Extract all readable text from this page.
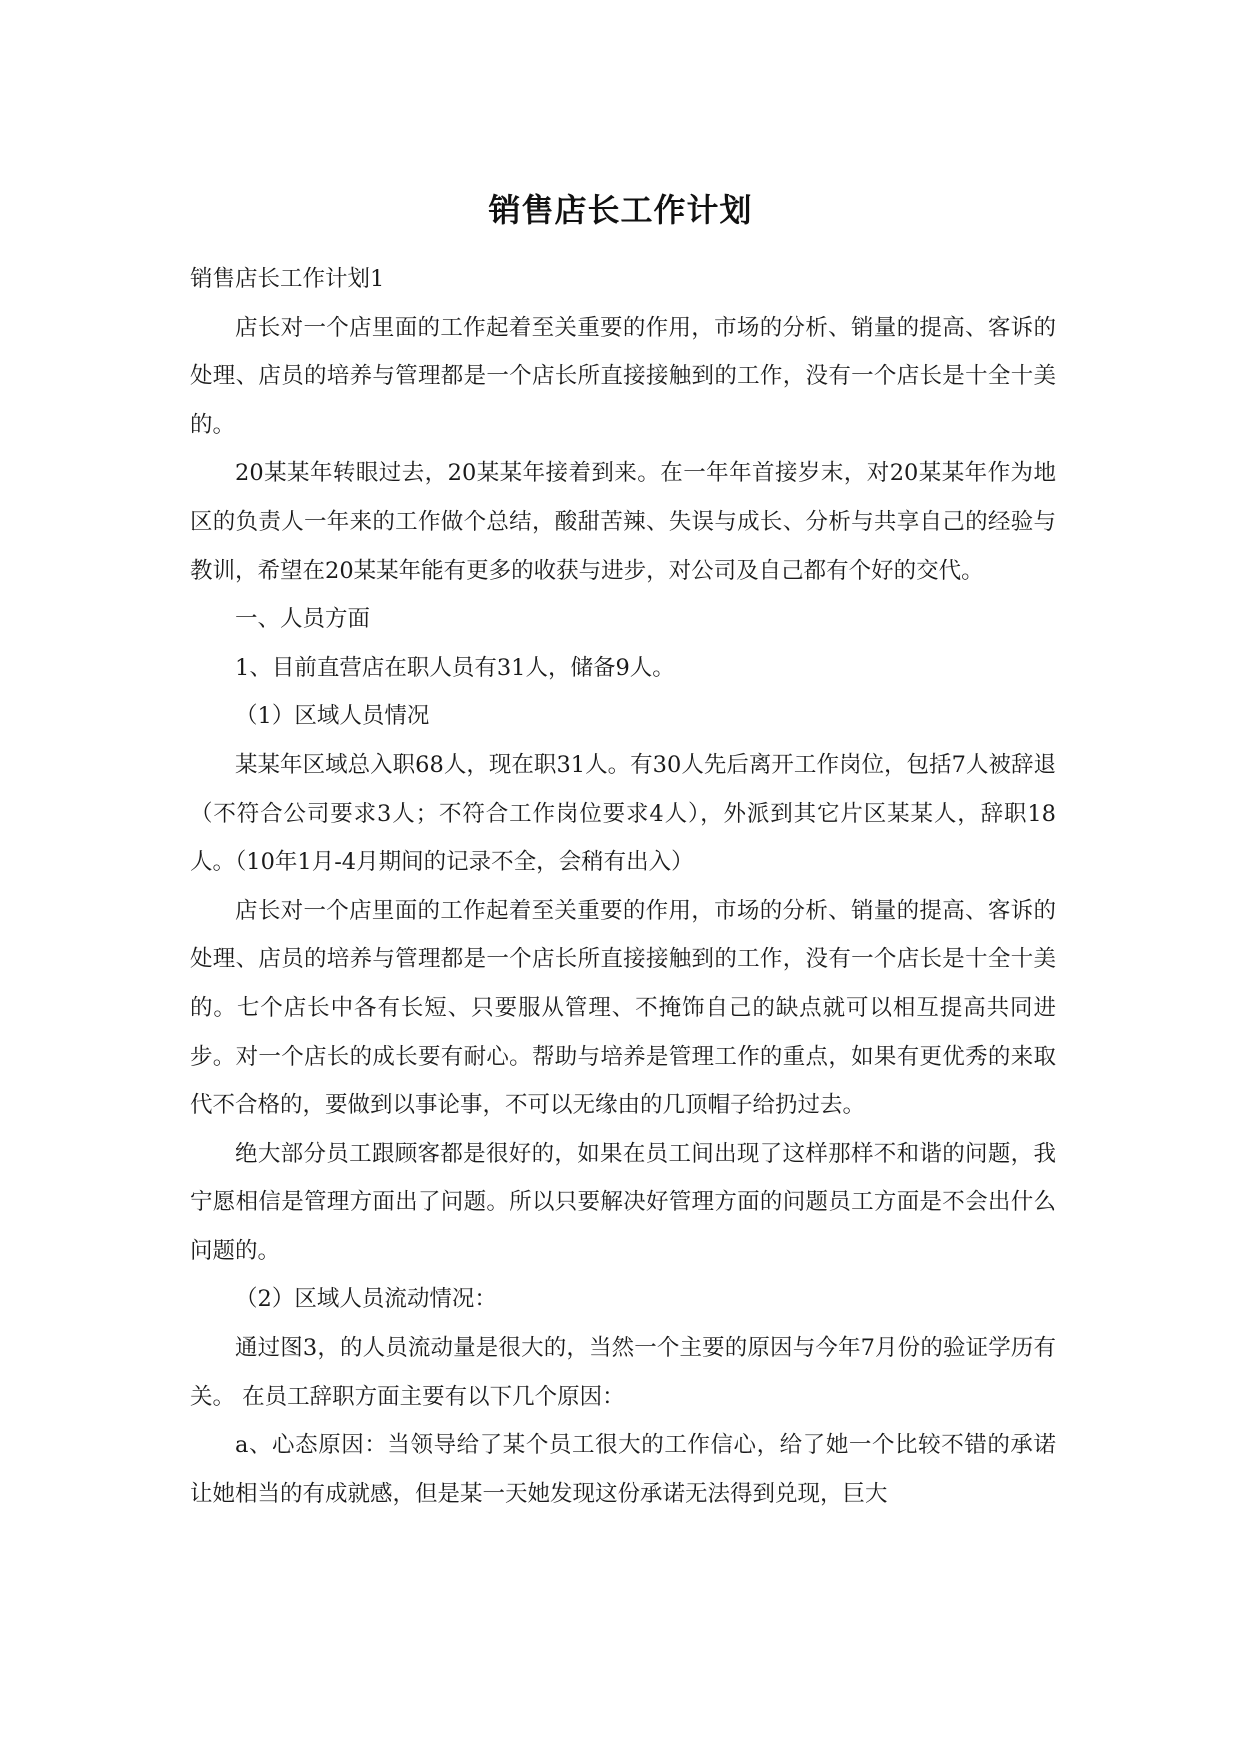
销售店长工作计划

销售店长工作计划1

店长对一个店里面的工作起着至关重要的作用，市场的分析、销量的提高、客诉的处理、店员的培养与管理都是一个店长所直接接触到的工作，没有一个店长是十全十美的。

20某某年转眼过去，20某某年接着到来。在一年年首接岁末，对20某某年作为地区的负责人一年来的工作做个总结，酸甜苦辣、失误与成长、分析与共享自己的经验与教训，希望在20某某年能有更多的收获与进步，对公司及自己都有个好的交代。

一、人员方面

1、目前直营店在职人员有31人，储备9人。

（1）区域人员情况

某某年区域总入职68人，现在职31人。有30人先后离开工作岗位，包括7人被辞退（不符合公司要求3人；不符合工作岗位要求4人），外派到其它片区某某人，辞职18人。（10年1月-4月期间的记录不全，会稍有出入）

店长对一个店里面的工作起着至关重要的作用，市场的分析、销量的提高、客诉的处理、店员的培养与管理都是一个店长所直接接触到的工作，没有一个店长是十全十美的。七个店长中各有长短、只要服从管理、不掩饰自己的缺点就可以相互提高共同进步。对一个店长的成长要有耐心。帮助与培养是管理工作的重点，如果有更优秀的来取代不合格的，要做到以事论事，不可以无缘由的几顶帽子给扔过去。

绝大部分员工跟顾客都是很好的，如果在员工间出现了这样那样不和谐的问题，我宁愿相信是管理方面出了问题。所以只要解决好管理方面的问题员工方面是不会出什么问题的。

（2）区域人员流动情况：

通过图3，的人员流动量是很大的，当然一个主要的原因与今年7月份的验证学历有关。 在员工辞职方面主要有以下几个原因：

a、心态原因：当领导给了某个员工很大的工作信心，给了她一个比较不错的承诺让她相当的有成就感，但是某一天她发现这份承诺无法得到兑现，巨大
